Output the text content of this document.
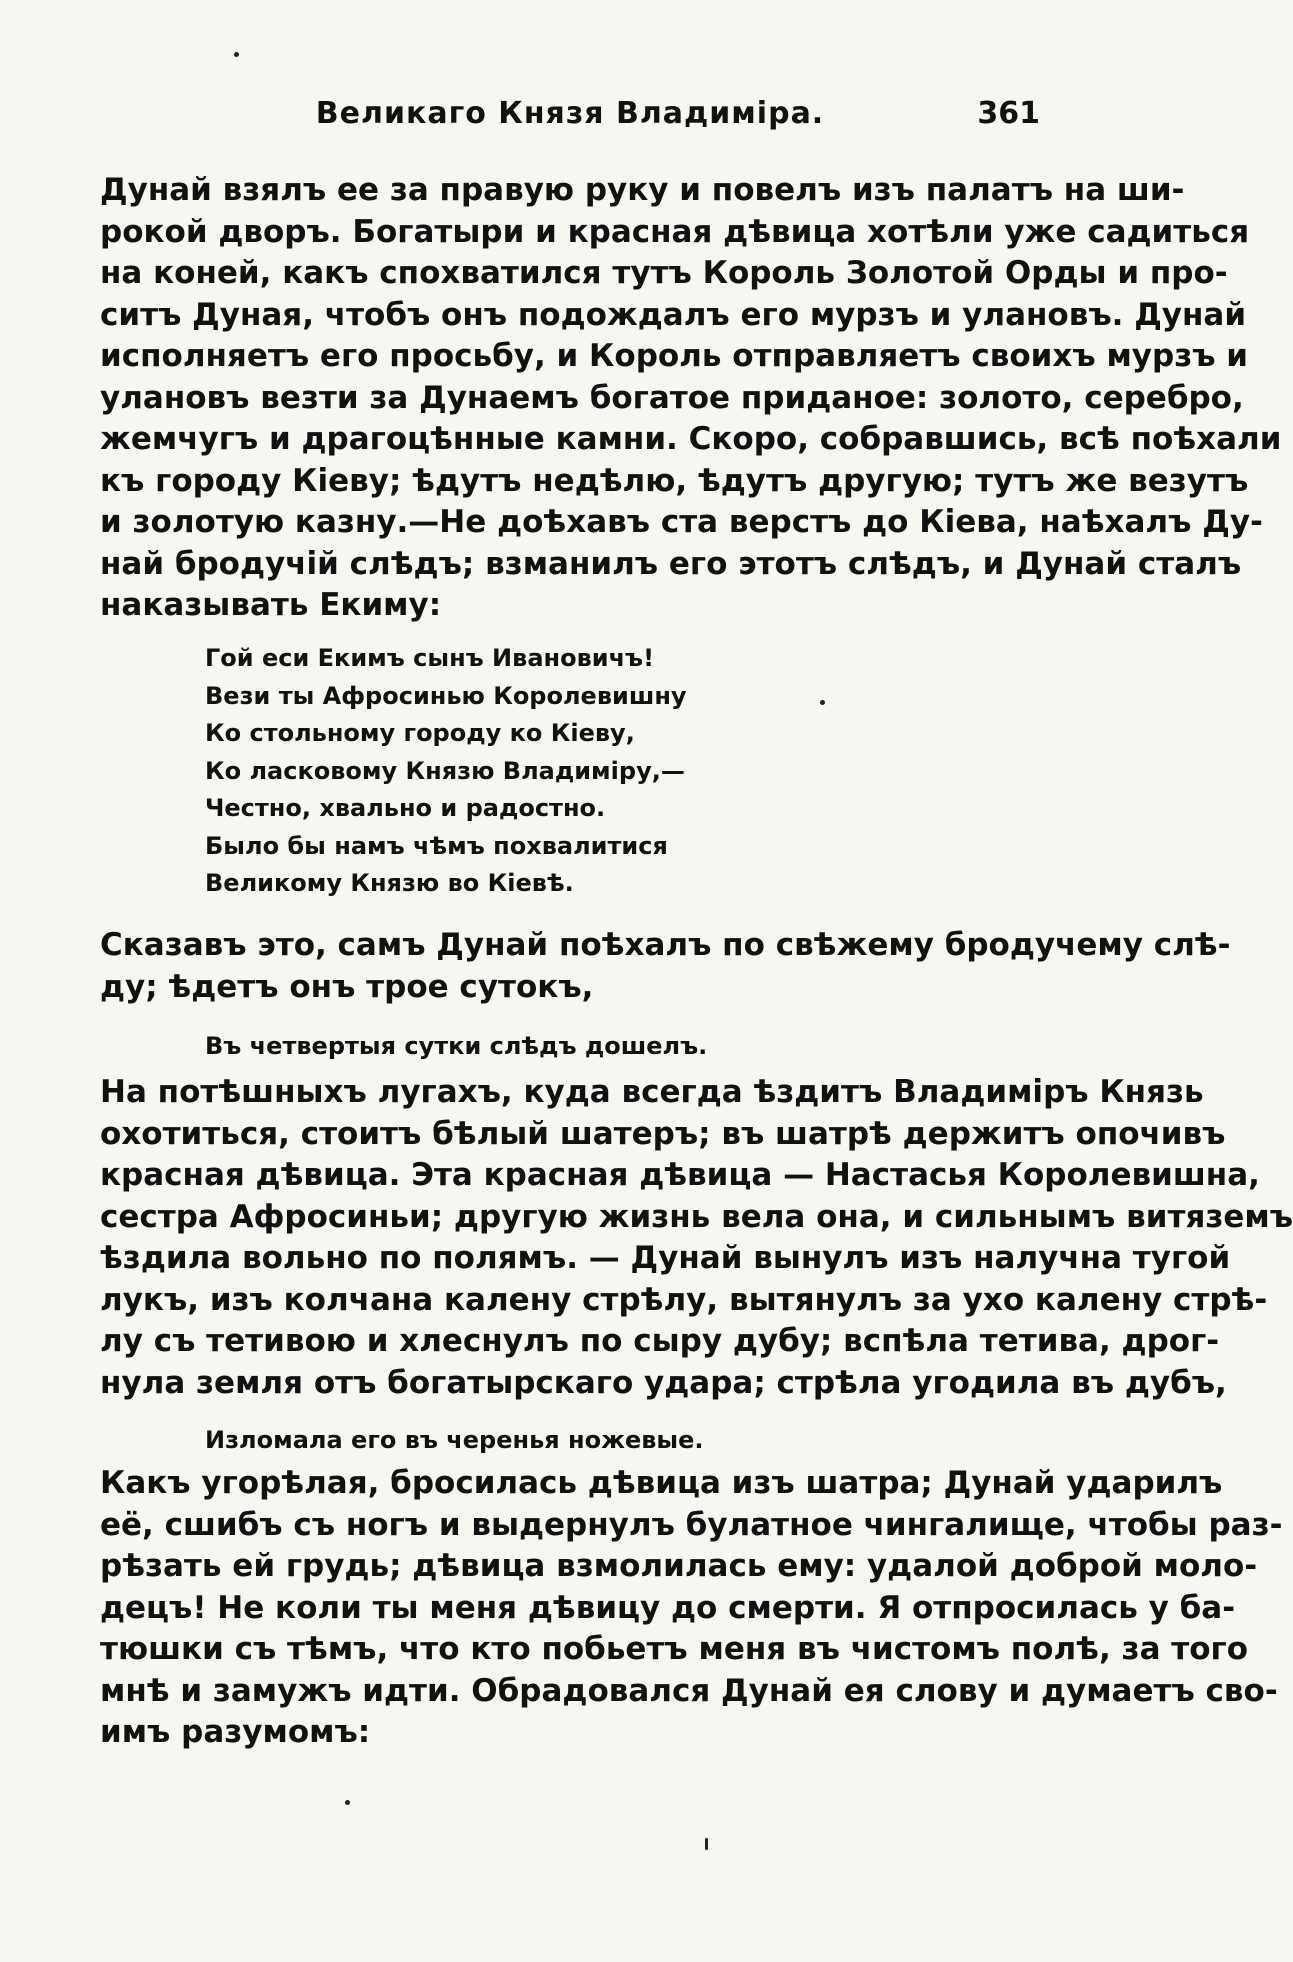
Великаго Князя Владиміра.	361
Дунай взялъ ее за правую руку и повелъ изъ палатъ на ши-
рокой дворъ. Богатыри и красная дѣвица хотѣли уже садиться
на коней, какъ спохватился тутъ Король Золотой Орды и про-
ситъ Дуная, чтобъ онъ подождалъ его мурзъ и улановъ. Дунай
исполняетъ его просьбу, и Король отправляетъ своихъ мурзъ и
улановъ везти за Дунаемъ богатое приданое: золото, серебро,
жемчугъ и драгоцѣнные камни. Скоро, собравшись, всѣ поѣхали
къ городу Кіеву; ѣдутъ недѣлю, ѣдутъ другую; тутъ же везутъ
и золотую казну.—Не доѣхавъ ста верстъ до Кіева, наѣхалъ Ду-
най бродучій слѣдъ; взманилъ его этотъ слѣдъ, и Дунай сталъ
наказывать Екиму:
Гой еси Екимъ сынъ Ивановичъ!
Вези ты Афросинью Королевишну
Ко стольному городу ко Кіеву,
Ко ласковому Князю Владиміру,—
Честно, хвально и радостно.
Было бы намъ чѣмъ похвалитися
Великому Князю во Кіевѣ.
Сказавъ это, самъ Дунай поѣхалъ по свѣжему бродучему слѣ-
ду; ѣдетъ онъ трое сутокъ,
Въ четвертыя сутки слѣдъ дошелъ.
На потѣшныхъ лугахъ, куда всегда ѣздитъ Владиміръ Князь
охотиться, стоитъ бѣлый шатеръ; въ шатрѣ держитъ опочивъ
красная дѣвица. Эта красная дѣвица — Настасья Королевишна,
сестра Афросиньи; другую жизнь вела она, и сильнымъ витяземъ
ѣздила вольно по полямъ. — Дунай вынулъ изъ налучна тугой
лукъ, изъ колчана калену стрѣлу, вытянулъ за ухо калену стрѣ-
лу съ тетивою и хлеснулъ по сыру дубу; вспѣла тетива, дрог-
нула земля отъ богатырскаго удара; стрѣла угодила въ дубъ,
Изломала его въ черенья ножевые.
Какъ угорѣлая, бросилась дѣвица изъ шатра; Дунай ударилъ
её, сшибъ съ ногъ и выдернулъ булатное чингалище, чтобы раз-
рѣзать ей грудь; дѣвица взмолилась ему: удалой доброй моло-
децъ! Не коли ты меня дѣвицу до смерти. Я отпросилась у ба-
тюшки съ тѣмъ, что кто побьетъ меня въ чистомъ полѣ, за того
мнѣ и замужъ идти. Обрадовался Дунай ея слову и думаетъ сво-
имъ разумомъ:
